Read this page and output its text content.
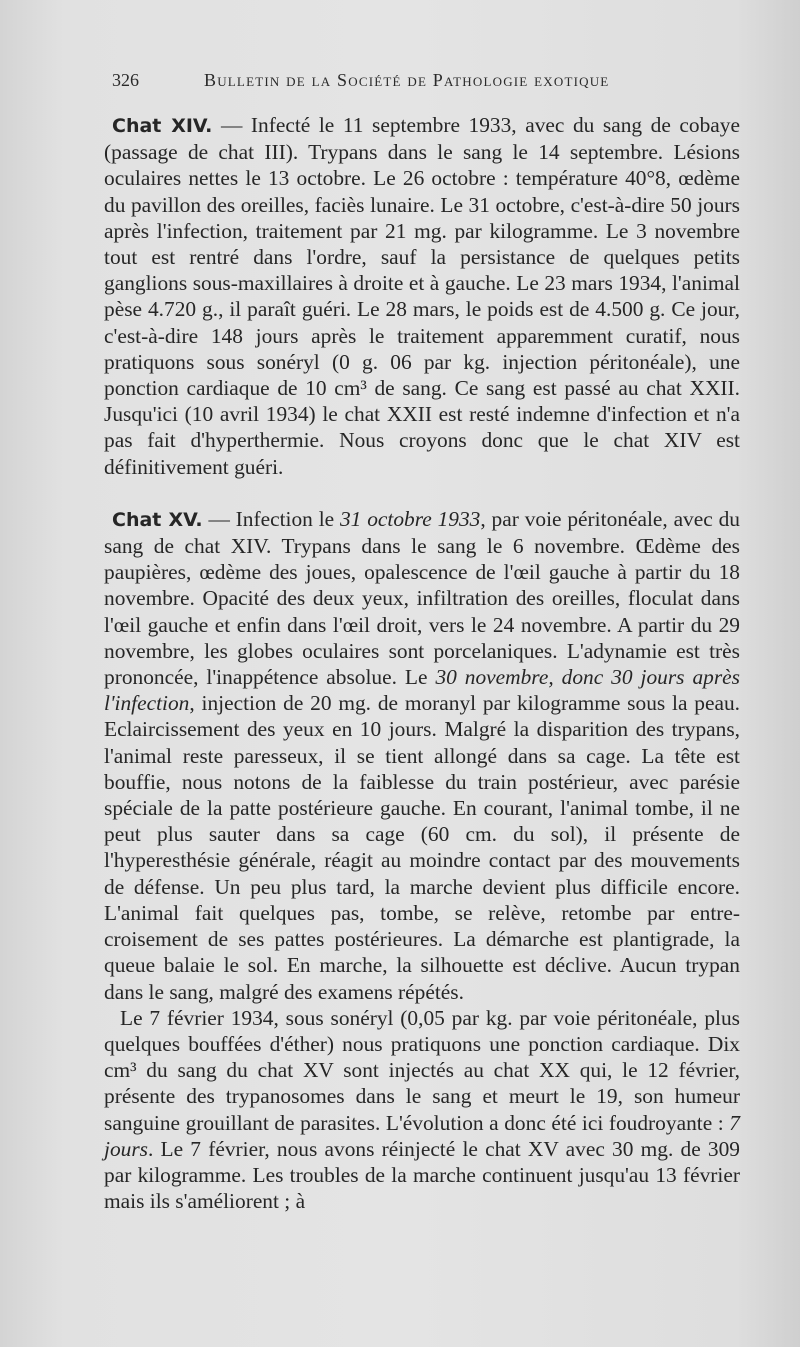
326	Bulletin de la Société de Pathologie exotique

Chat XIV. — Infecté le 11 septembre 1933, avec du sang de cobaye (passage de chat III). Trypans dans le sang le 14 septembre. Lésions oculaires nettes le 13 octobre. Le 26 octobre : température 40°8, œdème du pavillon des oreilles, faciès lunaire. Le 31 octobre, c'est-à-dire 50 jours après l'infection, traitement par 21 mg. par kilogramme. Le 3 novembre tout est rentré dans l'ordre, sauf la persistance de quelques petits ganglions sous-maxillaires à droite et à gauche. Le 23 mars 1934, l'animal pèse 4.720 g., il paraît guéri. Le 28 mars, le poids est de 4.500 g. Ce jour, c'est-à-dire 148 jours après le traitement apparemment curatif, nous pratiquons sous sonéryl (0 g. 06 par kg. injection péritonéale), une ponction cardiaque de 10 cm³ de sang. Ce sang est passé au chat XXII. Jusqu'ici (10 avril 1934) le chat XXII est resté indemne d'infection et n'a pas fait d'hyperthermie. Nous croyons donc que le chat XIV est définitivement guéri.

Chat XV. — Infection le 31 octobre 1933, par voie péritonéale, avec du sang de chat XIV. Trypans dans le sang le 6 novembre. Œdème des paupières, œdème des joues, opalescence de l'œil gauche à partir du 18 novembre. Opacité des deux yeux, infiltration des oreilles, floculat dans l'œil gauche et enfin dans l'œil droit, vers le 24 novembre. A partir du 29 novembre, les globes oculaires sont porcelaniques. L'adynamie est très prononcée, l'inappétence absolue. Le 30 novembre, donc 30 jours après l'infection, injection de 20 mg. de moranyl par kilogramme sous la peau. Eclaircissement des yeux en 10 jours. Malgré la disparition des trypans, l'animal reste paresseux, il se tient allongé dans sa cage. La tête est bouffie, nous notons de la faiblesse du train postérieur, avec parésie spéciale de la patte postérieure gauche. En courant, l'animal tombe, il ne peut plus sauter dans sa cage (60 cm. du sol), il présente de l'hyperesthésie générale, réagit au moindre contact par des mouvements de défense. Un peu plus tard, la marche devient plus difficile encore. L'animal fait quelques pas, tombe, se relève, retombe par entre-croisement de ses pattes postérieures. La démarche est plantigrade, la queue balaie le sol. En marche, la silhouette est déclive. Aucun trypan dans le sang, malgré des examens répétés.

Le 7 février 1934, sous sonéryl (0,05 par kg. par voie péritonéale, plus quelques bouffées d'éther) nous pratiquons une ponction cardiaque. Dix cm³ du sang du chat XV sont injectés au chat XX qui, le 12 février, présente des trypanosomes dans le sang et meurt le 19, son humeur sanguine grouillant de parasites. L'évolution a donc été ici foudroyante : 7 jours. Le 7 février, nous avons réinjecté le chat XV avec 30 mg. de 309 par kilogramme. Les troubles de la marche continuent jusqu'au 13 février mais ils s'améliorent ; à
